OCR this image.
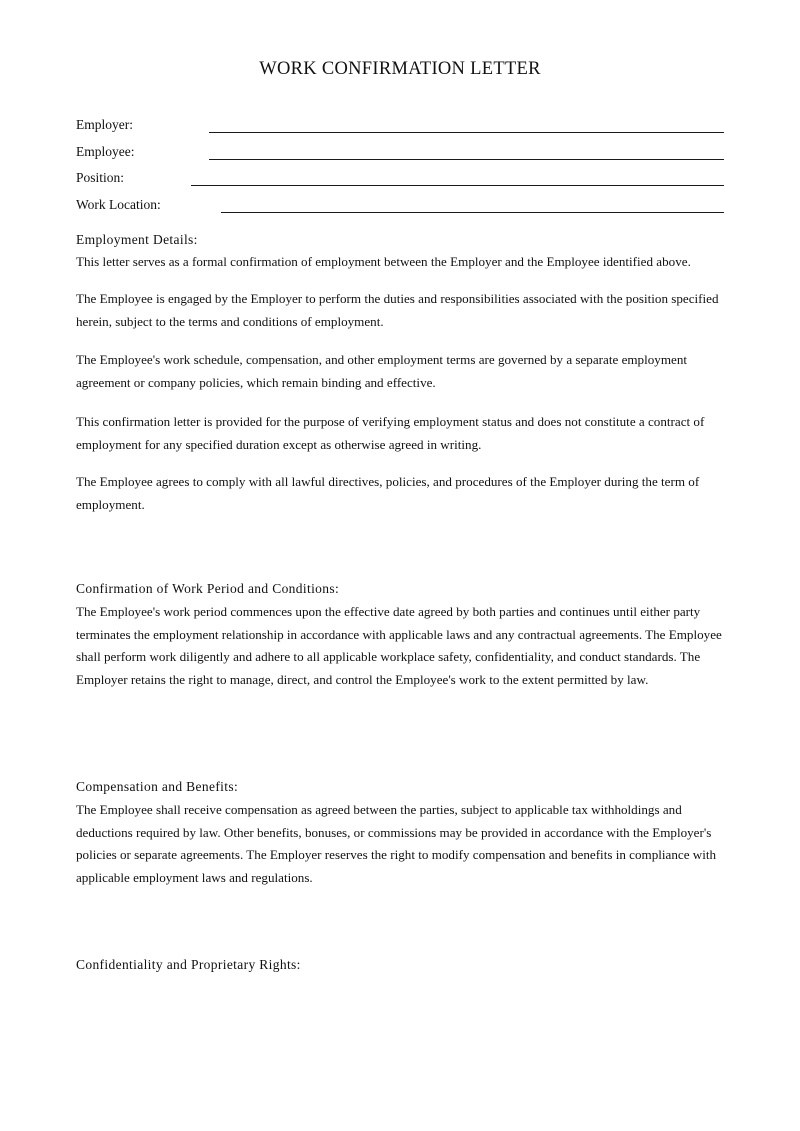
WORK CONFIRMATION LETTER
Employer:
Employee:
Position:
Work Location:
Employment Details:

This letter serves as a formal confirmation of employment between the Employer and the Employee identified above.

The Employee is engaged by the Employer to perform the duties and responsibilities associated with the position specified herein, subject to the terms and conditions of employment.

The Employee's work schedule, compensation, and other employment terms are governed by a separate employment agreement or company policies, which remain binding and effective.

This confirmation letter is provided for the purpose of verifying employment status and does not constitute a contract of employment for any specified duration except as otherwise agreed in writing.

The Employee agrees to comply with all lawful directives, policies, and procedures of the Employer during the term of employment.

Confirmation of Work Period and Conditions:

The Employee's work period commences upon the effective date agreed by both parties and continues until either party terminates the employment relationship in accordance with applicable laws and any contractual agreements. The Employee shall perform work diligently and adhere to all applicable workplace safety, confidentiality, and conduct standards. The Employer retains the right to manage, direct, and control the Employee's work to the extent permitted by law.

Compensation and Benefits:

The Employee shall receive compensation as agreed between the parties, subject to applicable tax withholdings and deductions required by law. Other benefits, bonuses, or commissions may be provided in accordance with the Employer's policies or separate agreements. The Employer reserves the right to modify compensation and benefits in compliance with applicable employment laws and regulations.

Confidentiality and Proprietary Rights:
